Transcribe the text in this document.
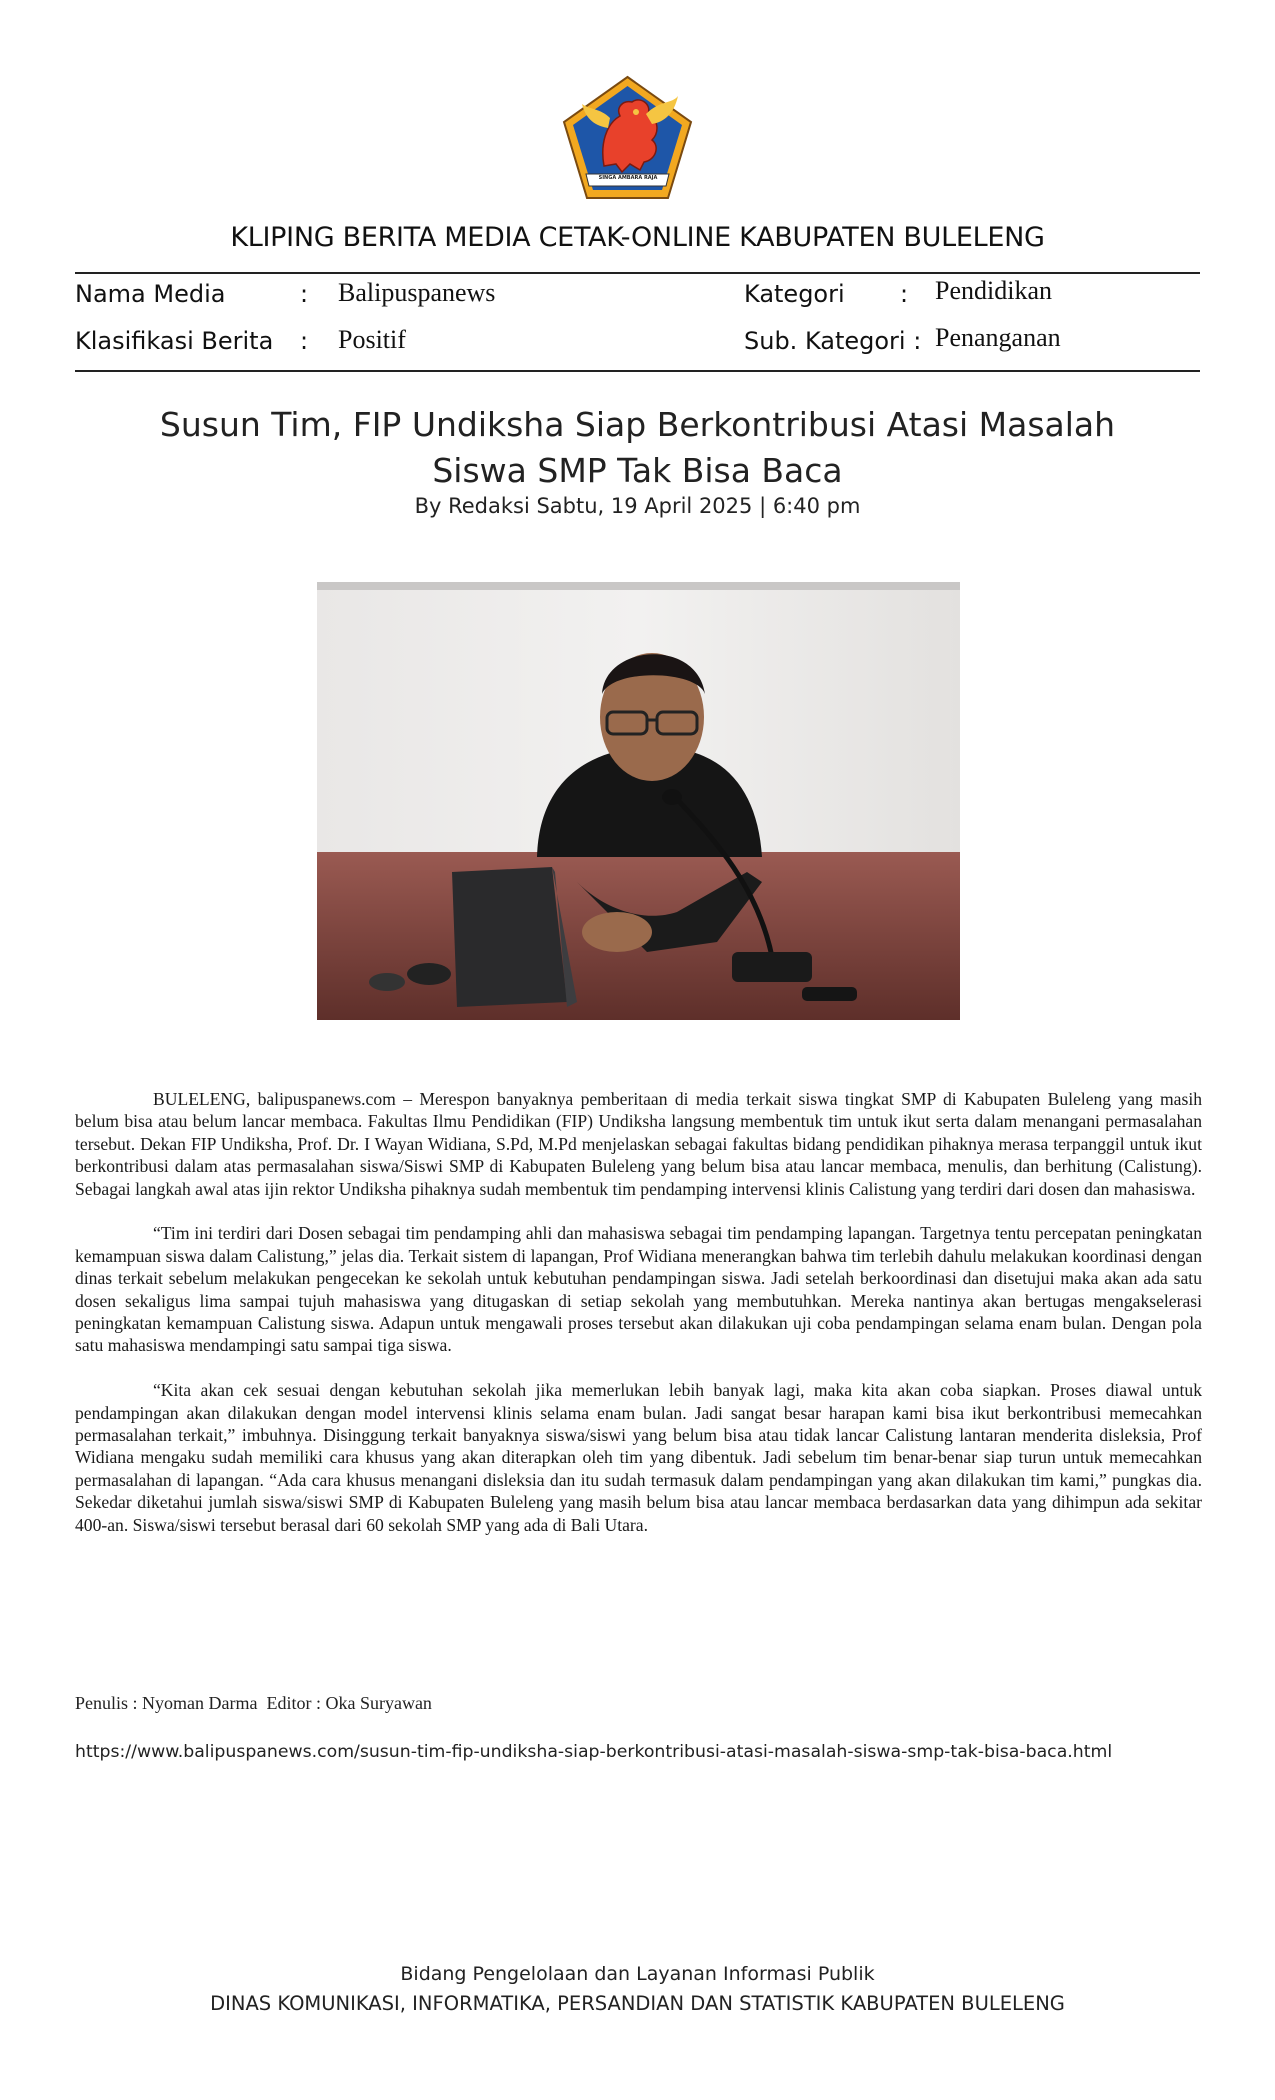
SINGA AMBARA RAJA
KLIPING BERITA MEDIA CETAK-ONLINE KABUPATEN BULELENG
Nama Media	: Balipuspanews	Kategori : Pendidikan
Klasifikasi Berita : Positif	Sub. Kategori : Penanganan
Susun Tim, FIP Undiksha Siap Berkontribusi Atasi Masalah
Siswa SMP Tak Bisa Baca
By Redaksi Sabtu, 19 April 2025 | 6:40 pm

BULELENG, balipuspanews.com – Merespon banyaknya pemberitaan di media terkait siswa tingkat SMP di Kabupaten Buleleng yang masih belum bisa atau belum lancar membaca. Fakultas Ilmu Pendidikan (FIP) Undiksha langsung membentuk tim untuk ikut serta dalam menangani permasalahan tersebut. Dekan FIP Undiksha, Prof. Dr. I Wayan Widiana, S.Pd, M.Pd menjelaskan sebagai fakultas bidang pendidikan pihaknya merasa terpanggil untuk ikut berkontribusi dalam atas permasalahan siswa/Siswi SMP di Kabupaten Buleleng yang belum bisa atau lancar membaca, menulis, dan berhitung (Calistung). Sebagai langkah awal atas ijin rektor Undiksha pihaknya sudah membentuk tim pendamping intervensi klinis Calistung yang terdiri dari dosen dan mahasiswa.

“Tim ini terdiri dari Dosen sebagai tim pendamping ahli dan mahasiswa sebagai tim pendamping lapangan. Targetnya tentu percepatan peningkatan kemampuan siswa dalam Calistung,” jelas dia. Terkait sistem di lapangan, Prof Widiana menerangkan bahwa tim terlebih dahulu melakukan koordinasi dengan dinas terkait sebelum melakukan pengecekan ke sekolah untuk kebutuhan pendampingan siswa. Jadi setelah berkoordinasi dan disetujui maka akan ada satu dosen sekaligus lima sampai tujuh mahasiswa yang ditugaskan di setiap sekolah yang membutuhkan. Mereka nantinya akan bertugas mengakselerasi peningkatan kemampuan Calistung siswa. Adapun untuk mengawali proses tersebut akan dilakukan uji coba pendampingan selama enam bulan. Dengan pola satu mahasiswa mendampingi satu sampai tiga siswa.

“Kita akan cek sesuai dengan kebutuhan sekolah jika memerlukan lebih banyak lagi, maka kita akan coba siapkan. Proses diawal untuk pendampingan akan dilakukan dengan model intervensi klinis selama enam bulan. Jadi sangat besar harapan kami bisa ikut berkontribusi memecahkan permasalahan terkait,” imbuhnya. Disinggung terkait banyaknya siswa/siswi yang belum bisa atau tidak lancar Calistung lantaran menderita disleksia, Prof Widiana mengaku sudah memiliki cara khusus yang akan diterapkan oleh tim yang dibentuk. Jadi sebelum tim benar-benar siap turun untuk memecahkan permasalahan di lapangan. “Ada cara khusus menangani disleksia dan itu sudah termasuk dalam pendampingan yang akan dilakukan tim kami,” pungkas dia. Sekedar diketahui jumlah siswa/siswi SMP di Kabupaten Buleleng yang masih belum bisa atau lancar membaca berdasarkan data yang dihimpun ada sekitar 400-an. Siswa/siswi tersebut berasal dari 60 sekolah SMP yang ada di Bali Utara.

Penulis : Nyoman Darma  Editor : Oka Suryawan
https://www.balipuspanews.com/susun-tim-fip-undiksha-siap-berkontribusi-atasi-masalah-siswa-smp-tak-bisa-baca.html
Bidang Pengelolaan dan Layanan Informasi Publik
DINAS KOMUNIKASI, INFORMATIKA, PERSANDIAN DAN STATISTIK KABUPATEN BULELENG
